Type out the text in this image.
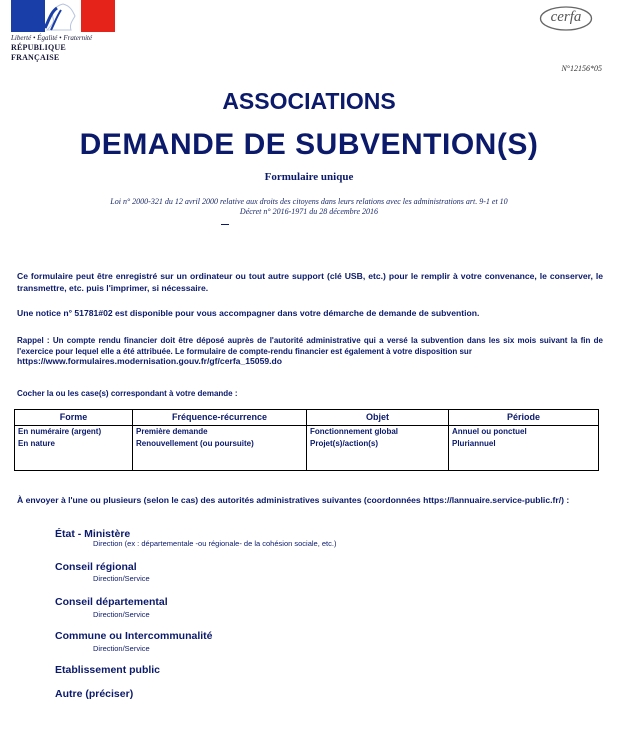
Liberté • Égalité • Fraternité
RÉPUBLIQUE FRANÇAISE
cerfa
N°12156*05
ASSOCIATIONS
DEMANDE DE SUBVENTION(S)
Formulaire unique
Loi n° 2000-321 du 12 avril 2000 relative aux droits des citoyens dans leurs relations avec les administrations art. 9-1 et 10
Décret n° 2016-1971 du 28 décembre 2016
Ce formulaire peut être enregistré sur un ordinateur ou tout autre support (clé USB, etc.) pour le remplir à votre convenance, le conserver, le transmettre, etc. puis l'imprimer, si nécessaire.
Une notice n° 51781#02 est disponible pour vous accompagner dans votre démarche de demande de subvention.
Rappel : Un compte rendu financier doit être déposé auprès de l'autorité administrative qui a versé la subvention dans les six mois suivant la fin de l'exercice pour lequel elle a été attribuée. Le formulaire de compte-rendu financier est également à votre disposition sur
https://www.formulaires.modernisation.gouv.fr/gf/cerfa_15059.do
Cocher la ou les case(s) correspondant à votre demande :
Forme
En numéraire (argent)
En nature
Fréquence-récurrence
Première demande
Renouvellement (ou poursuite)
Objet
Fonctionnement global
Projet(s)/action(s)
Période
Annuel ou ponctuel
Pluriannuel
À envoyer à l'une ou plusieurs (selon le cas) des autorités administratives suivantes (coordonnées https://lannuaire.service-public.fr/) :
État - Ministère
Direction (ex : départementale -ou régionale- de la cohésion sociale, etc.)
Conseil régional
Direction/Service
Conseil départemental
Direction/Service
Commune ou Intercommunalité
Direction/Service
Etablissement public
Autre (préciser)
